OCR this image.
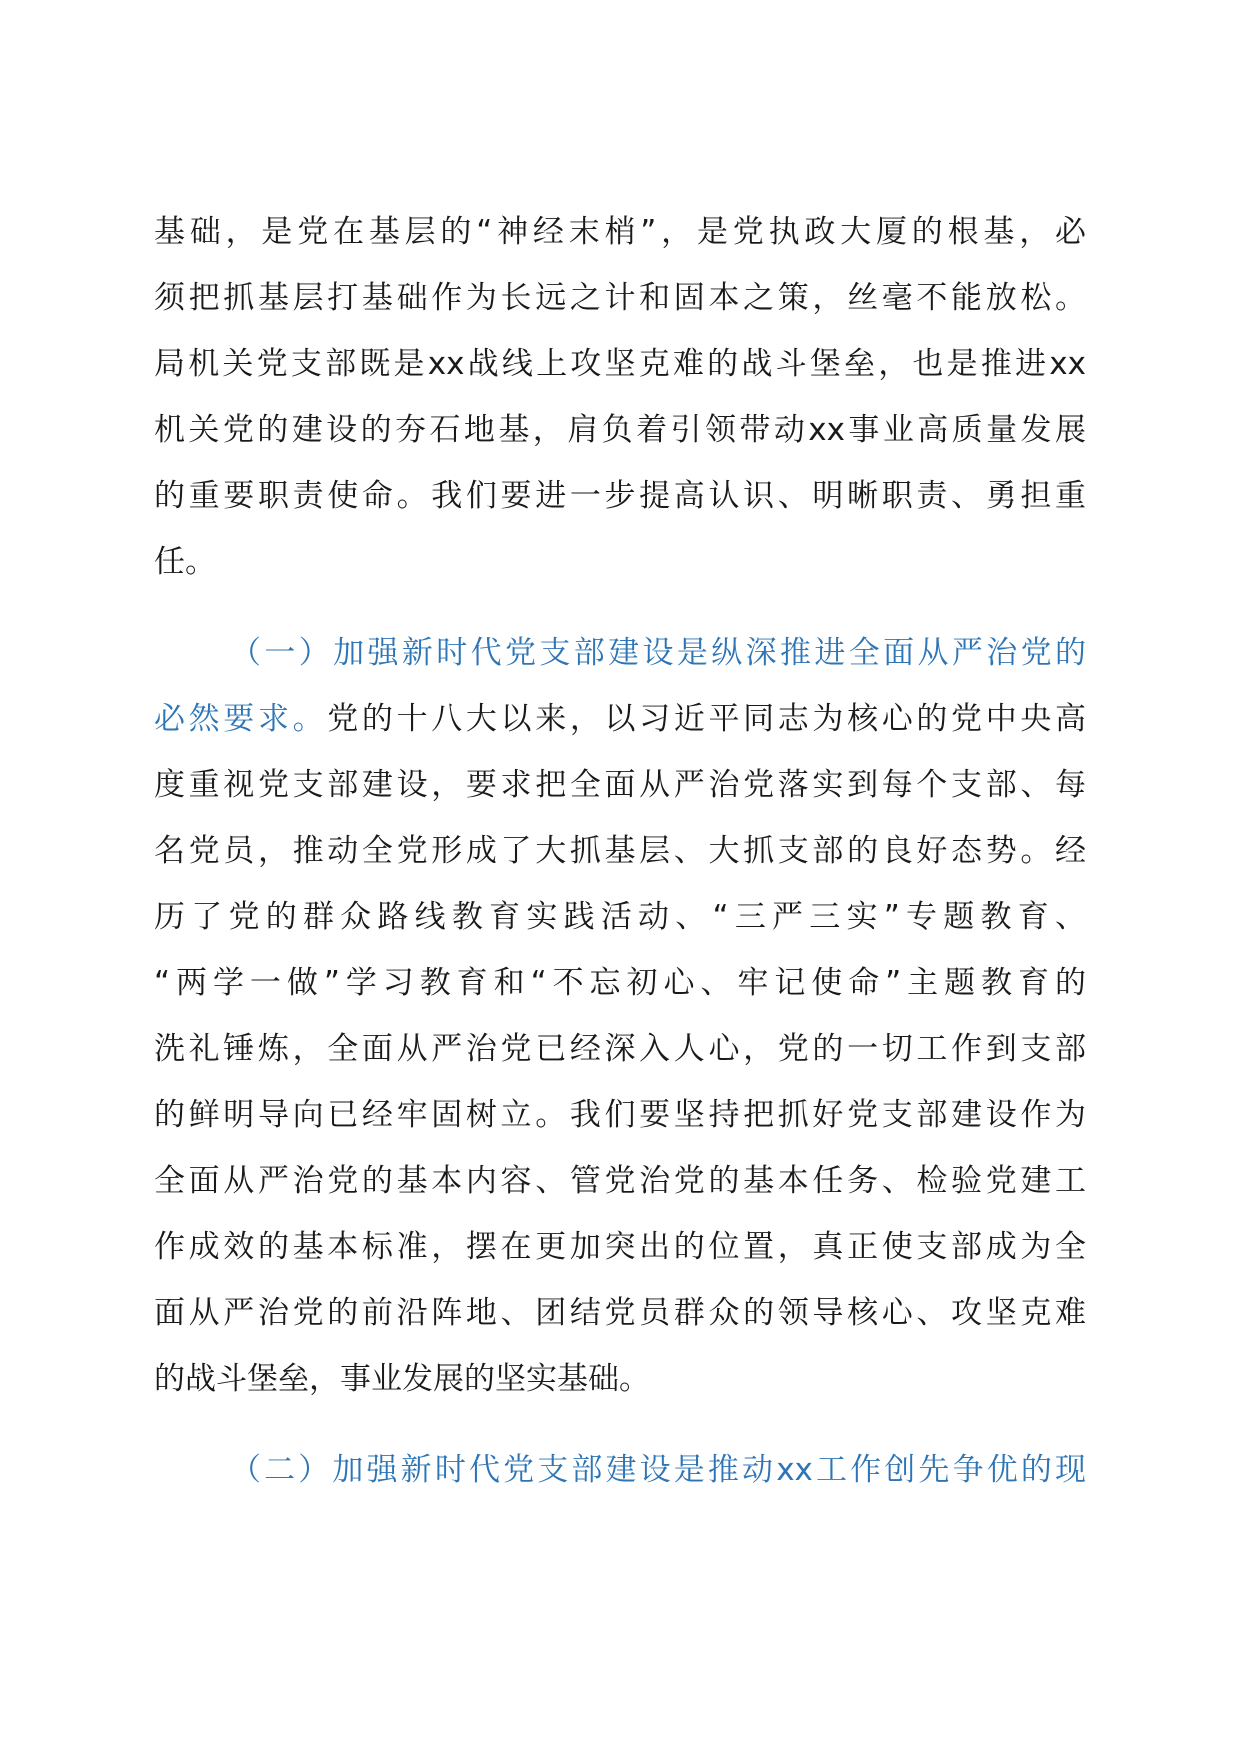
基础，是党在基层的“神经末梢”，是党执政大厦的根基，必
须把抓基层打基础作为长远之计和固本之策，丝毫不能放松。
局机关党支部既是xx战线上攻坚克难的战斗堡垒，也是推进xx
机关党的建设的夯石地基，肩负着引领带动xx事业高质量发展
的重要职责使命。我们要进一步提高认识、明晰职责、勇担重
任。
（一）加强新时代党支部建设是纵深推进全面从严治党的
必然要求。党的十八大以来，以习近平同志为核心的党中央高
度重视党支部建设，要求把全面从严治党落实到每个支部、每
名党员，推动全党形成了大抓基层、大抓支部的良好态势。经
历了党的群众路线教育实践活动、“三严三实”专题教育、
“两学一做”学习教育和“不忘初心、牢记使命”主题教育的
洗礼锤炼，全面从严治党已经深入人心，党的一切工作到支部
的鲜明导向已经牢固树立。我们要坚持把抓好党支部建设作为
全面从严治党的基本内容、管党治党的基本任务、检验党建工
作成效的基本标准，摆在更加突出的位置，真正使支部成为全
面从严治党的前沿阵地、团结党员群众的领导核心、攻坚克难
的战斗堡垒，事业发展的坚实基础。
（二）加强新时代党支部建设是推动xx工作创先争优的现
